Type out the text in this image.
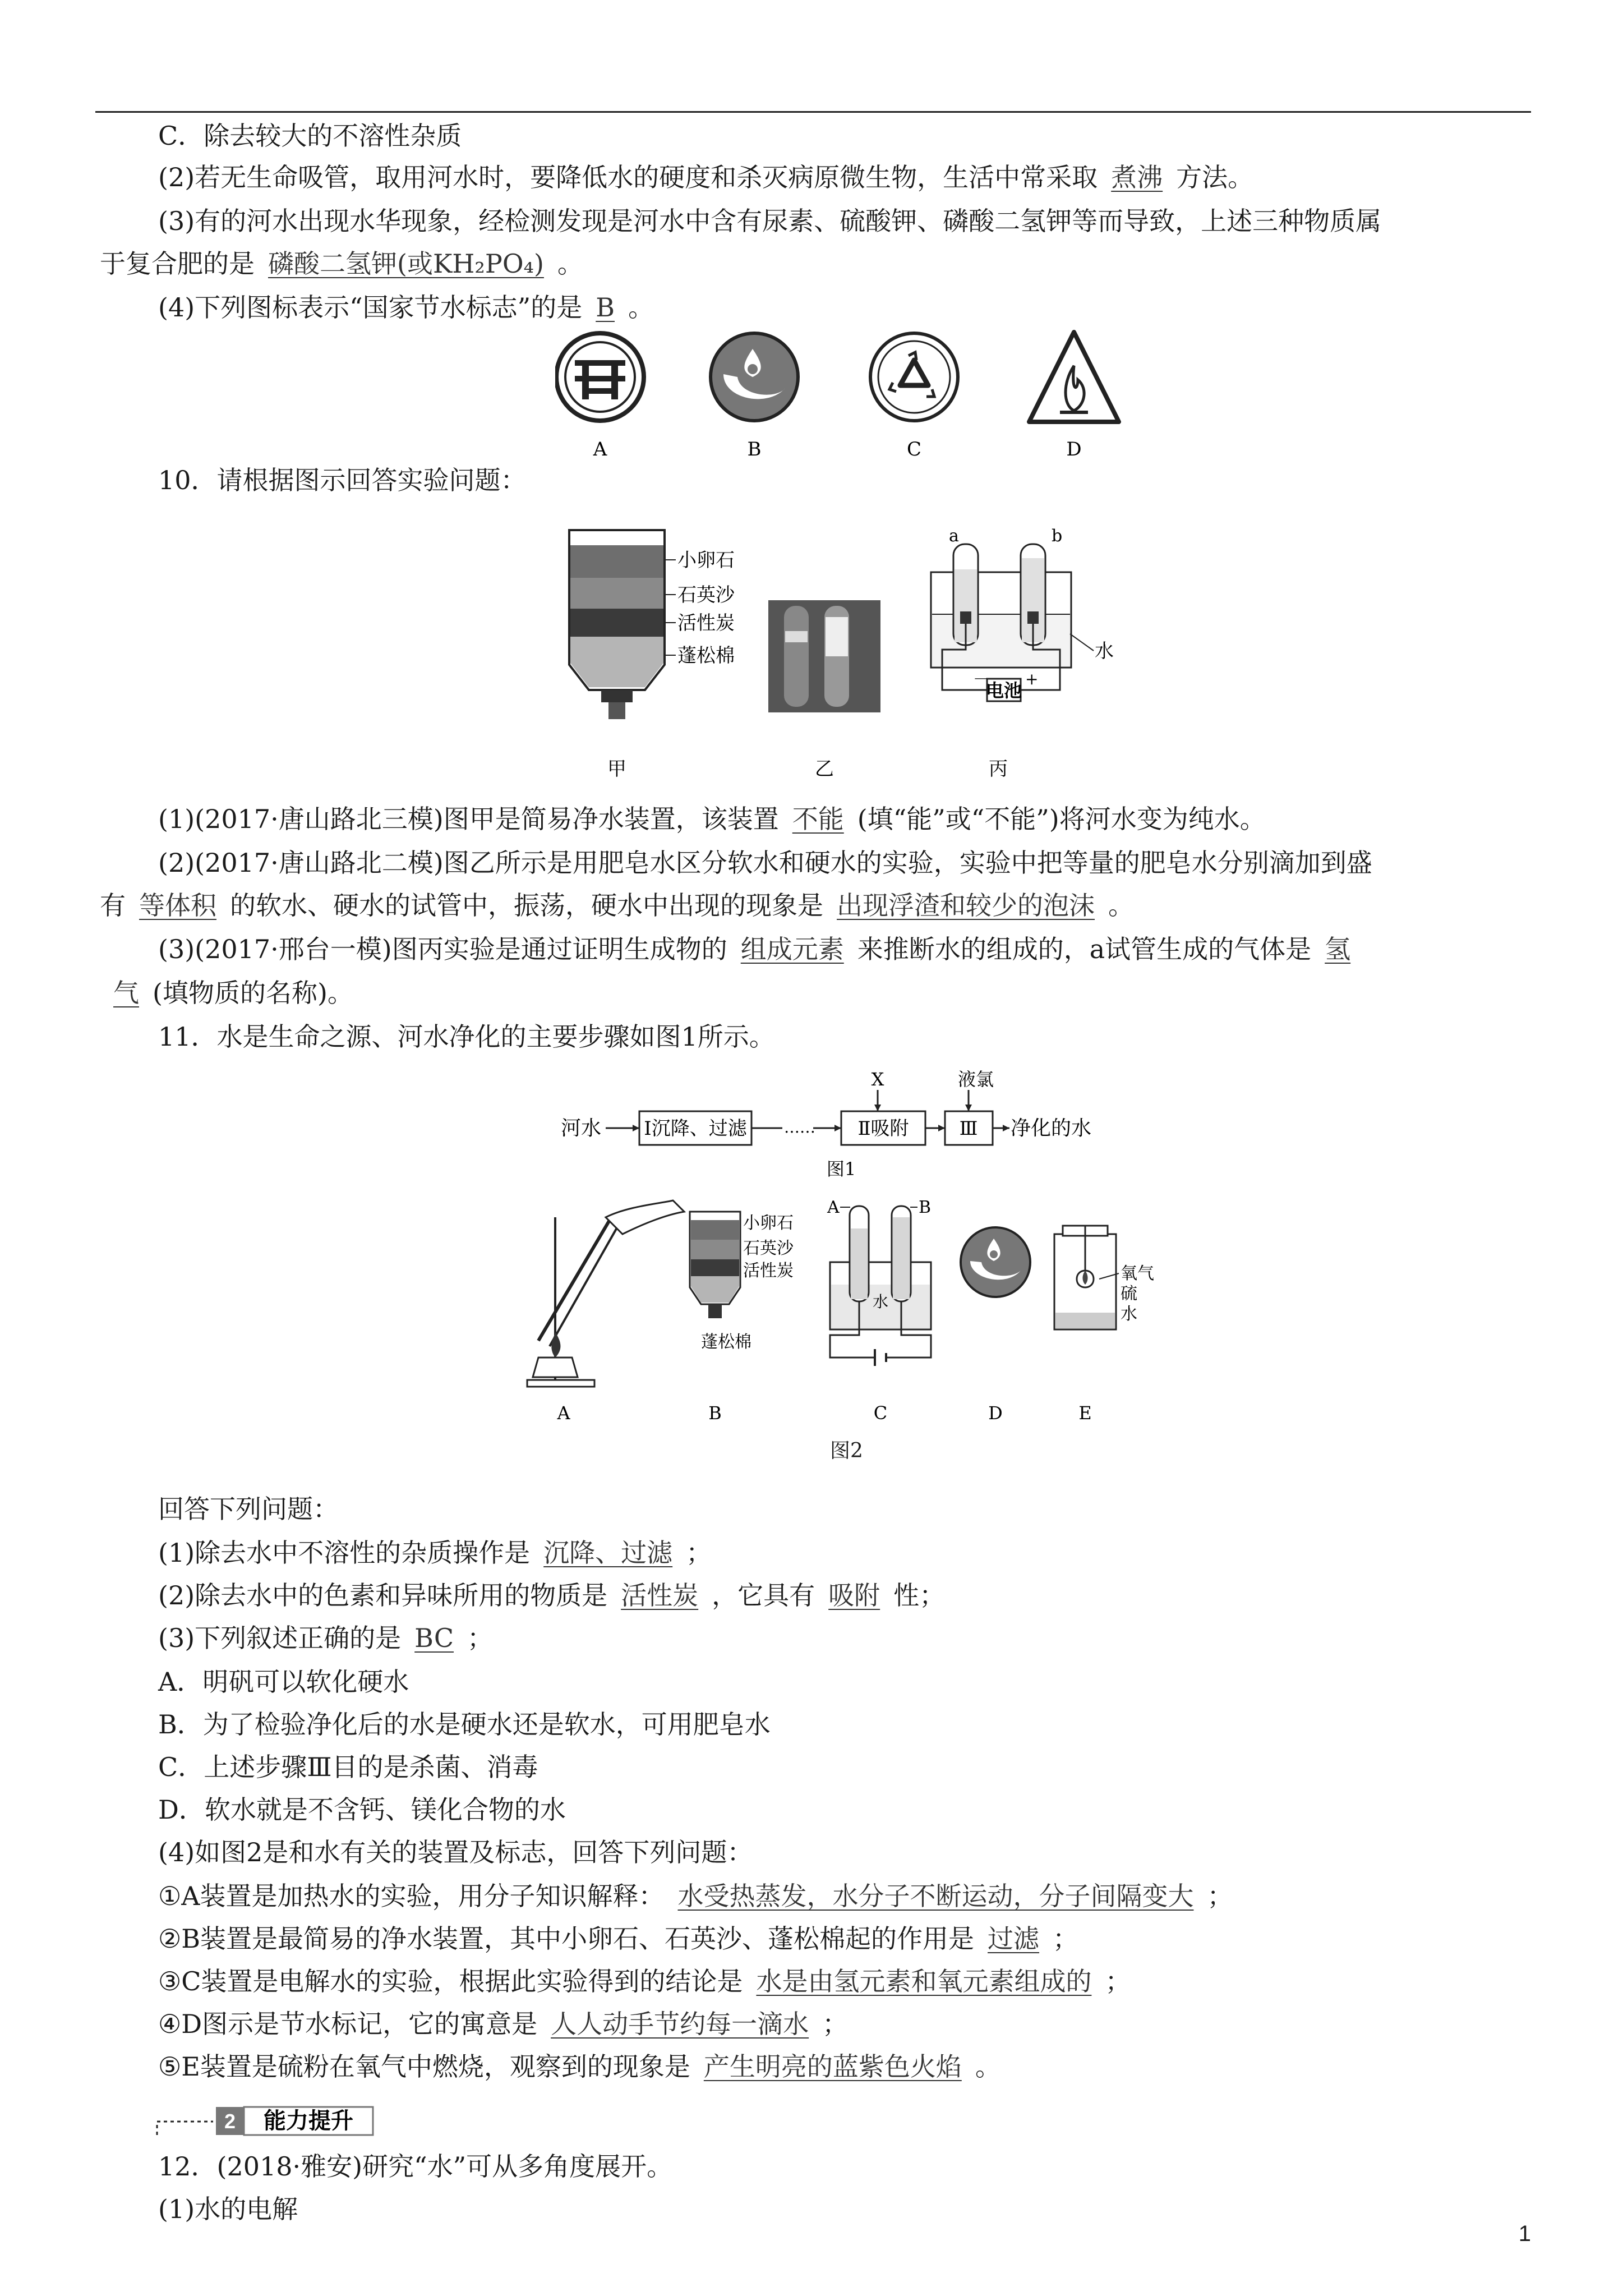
C．除去较大的不溶性杂质
(2)若无生命吸管，取用河水时，要降低水的硬度和杀灭病原微生物，生活中常采取 煮沸 方法。
(3)有的河水出现水华现象，经检测发现是河水中含有尿素、硫酸钾、磷酸二氢钾等而导致，上述三种物质属
于复合肥的是 磷酸二氢钾(或KH₂PO₄) 。
(4)下列图标表示“国家节水标志”的是 B 。
A	B	C	D
10．请根据图示回答实验问题：
小卵石
石英沙
活性炭
蓬松棉
甲	乙
a	b
水
电池
－ +
丙
(1)(2017·唐山路北三模)图甲是简易净水装置，该装置 不能 (填“能”或“不能”)将河水变为纯水。
(2)(2017·唐山路北二模)图乙所示是用肥皂水区分软水和硬水的实验，实验中把等量的肥皂水分别滴加到盛
有 等体积 的软水、硬水的试管中，振荡，硬水中出现的现象是 出现浮渣和较少的泡沫 。
(3)(2017·邢台一模)图丙实验是通过证明生成物的 组成元素 来推断水的组成的，a试管生成的气体是 氢
气 (填物质的名称)。
11．水是生命之源、河水净化的主要步骤如图1所示。
河水 Ⅰ沉降、过滤 …… Ⅱ吸附
X
Ⅲ
液氯
净化的水
图1
A
小卵石
石英沙
活性炭
蓬松棉
B
A	B
水
C	D
氧气
硫
水
E
图2
回答下列问题：
(1)除去水中不溶性的杂质操作是 沉降、过滤 ；
(2)除去水中的色素和异味所用的物质是 活性炭 ，它具有 吸附 性；
(3)下列叙述正确的是 BC ；
A．明矾可以软化硬水
B．为了检验净化后的水是硬水还是软水，可用肥皂水
C．上述步骤Ⅲ目的是杀菌、消毒
D．软水就是不含钙、镁化合物的水
(4)如图2是和水有关的装置及标志，回答下列问题：
①A装置是加热水的实验，用分子知识解释： 水受热蒸发，水分子不断运动，分子间隔变大 ；
②B装置是最简易的净水装置，其中小卵石、石英沙、蓬松棉起的作用是 过滤 ；
③C装置是电解水的实验，根据此实验得到的结论是 水是由氢元素和氧元素组成的 ；
④D图示是节水标记，它的寓意是 人人动手节约每一滴水 ；
⑤E装置是硫粉在氧气中燃烧，观察到的现象是 产生明亮的蓝紫色火焰 。
2 能力提升
12．(2018·雅安)研究“水”可从多角度展开。
(1)水的电解
1
